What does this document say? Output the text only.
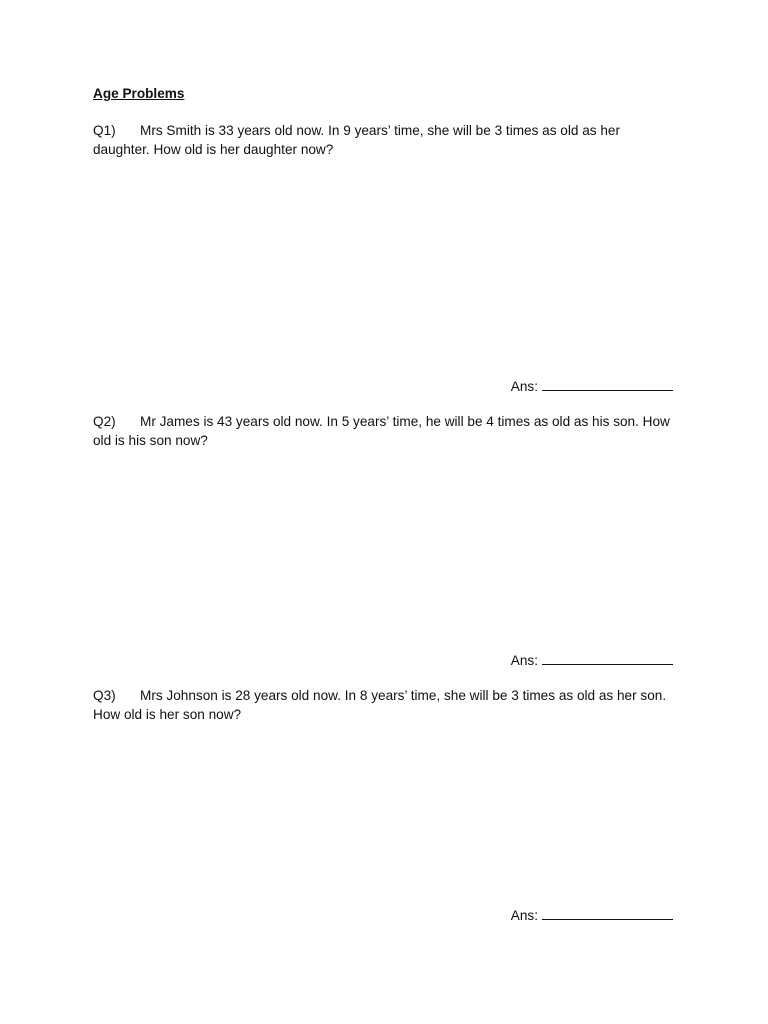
Age Problems
Q1) Mrs Smith is 33 years old now. In 9 years’ time, she will be 3 times as old as her daughter. How old is her daughter now?
Ans:
Q2) Mr James is 43 years old now. In 5 years’ time, he will be 4 times as old as his son. How old is his son now?
Ans:
Q3) Mrs Johnson is 28 years old now. In 8 years’ time, she will be 3 times as old as her son. How old is her son now?
Ans:
